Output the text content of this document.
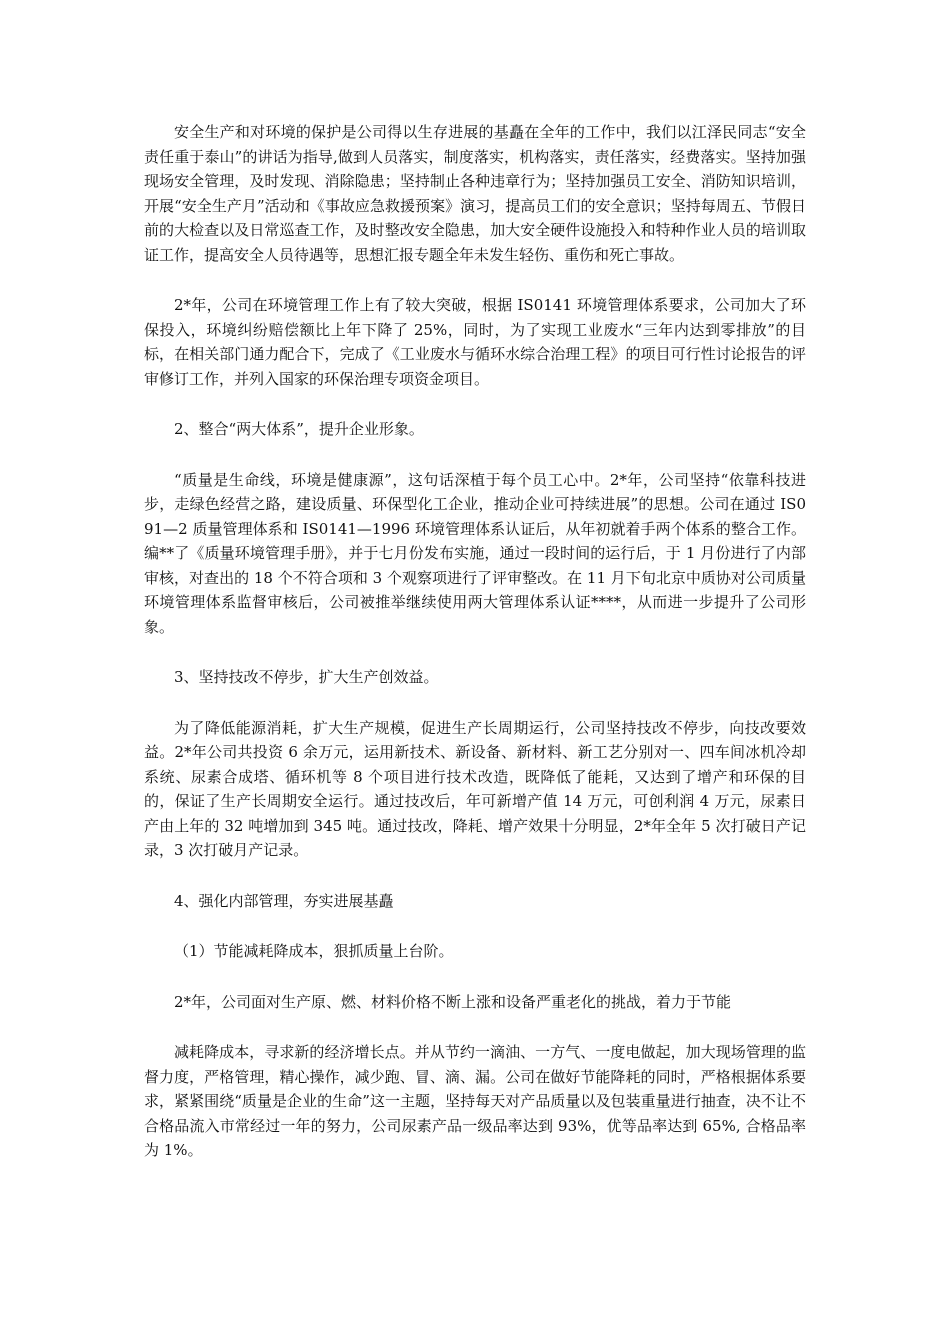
安全生产和对环境的保护是公司得以生存进展的基矗在全年的工作中，我们以江泽民同志“安全责任重于泰山”的讲话为指导,做到人员落实，制度落实，机构落实，责任落实，经费落实。坚持加强现场安全管理，及时发现、消除隐患；坚持制止各种违章行为；坚持加强员工安全、消防知识培训，开展“安全生产月”活动和《事故应急救援预案》演习，提高员工们的安全意识；坚持每周五、节假日前的大检查以及日常巡查工作，及时整改安全隐患，加大安全硬件设施投入和特种作业人员的培训取证工作，提高安全人员待遇等，思想汇报专题全年未发生轻伤、重伤和死亡事故。

2*年，公司在环境管理工作上有了较大突破，根据 IS0141 环境管理体系要求，公司加大了环保投入，环境纠纷赔偿额比上年下降了 25%，同时，为了实现工业废水“三年内达到零排放”的目标，在相关部门通力配合下，完成了《工业废水与循环水综合治理工程》的项目可行性讨论报告的评审修订工作，并列入国家的环保治理专项资金项目。

2、整合“两大体系”，提升企业形象。

“质量是生命线，环境是健康源”，这句话深植于每个员工心中。2*年，公司坚持“依靠科技进步，走绿色经营之路，建设质量、环保型化工企业，推动企业可持续进展”的思想。公司在通过 IS091—2 质量管理体系和 IS0141—1996 环境管理体系认证后，从年初就着手两个体系的整合工作。编**了《质量环境管理手册》，并于七月份发布实施，通过一段时间的运行后，于 1 月份进行了内部审核，对查出的 18 个不符合项和 3 个观察项进行了评审整改。在 11 月下旬北京中质协对公司质量环境管理体系监督审核后，公司被推举继续使用两大管理体系认证****，从而进一步提升了公司形象。

3、坚持技改不停步，扩大生产创效益。

为了降低能源消耗，扩大生产规模，促进生产长周期运行，公司坚持技改不停步，向技改要效益。2*年公司共投资 6 余万元，运用新技术、新设备、新材料、新工艺分别对一、四车间冰机冷却系统、尿素合成塔、循环机等 8 个项目进行技术改造，既降低了能耗，又达到了增产和环保的目的，保证了生产长周期安全运行。通过技改后，年可新增产值 14 万元，可创利润 4 万元，尿素日产由上年的 32 吨增加到 345 吨。通过技改，降耗、增产效果十分明显，2*年全年 5 次打破日产记录，3 次打破月产记录。

4、强化内部管理，夯实进展基矗

（1）节能减耗降成本，狠抓质量上台阶。

2*年，公司面对生产原、燃、材料价格不断上涨和设备严重老化的挑战，着力于节能

减耗降成本，寻求新的经济增长点。并从节约一滴油、一方气、一度电做起，加大现场管理的监督力度，严格管理，精心操作，减少跑、冒、滴、漏。公司在做好节能降耗的同时，严格根据体系要求，紧紧围绕“质量是企业的生命”这一主题，坚持每天对产品质量以及包装重量进行抽查，决不让不合格品流入市常经过一年的努力，公司尿素产品一级品率达到 93%，优等品率达到 65%, 合格品率为 1%。
